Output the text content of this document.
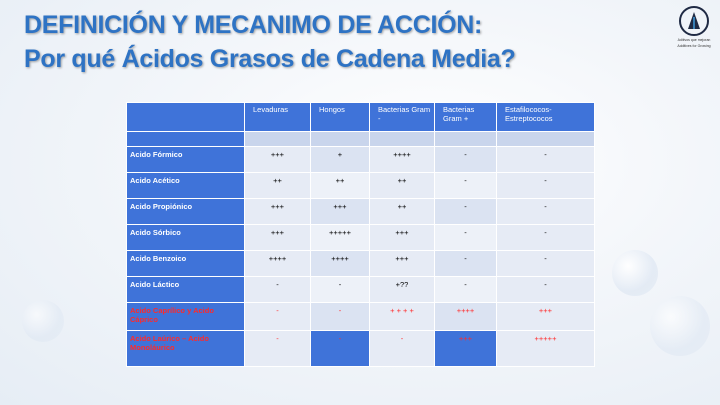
DEFINICIÓN Y MECANIMO DE ACCIÓN:
Por qué Ácidos Grasos de Cadena Media?
Aditivos que mejoran
Additives for Growing
	Levaduras	Hongos	Bacterias Gram -	Bacterias Gram +	Estafilococos-Estreptococos

Acido Fórmico	+++	+	++++	-	-
Acido Acético	++	++	++	-	-
Acido Propiónico	+++	+++	++	-	-
Acido Sórbico	+++	+++++	+++	-	-
Acido Benzoico	++++	++++	+++	-	-
Acido Láctico	-	-	+??	-	-
Acido Caprílico y Acido Cáprico	-	-	+ + + +	++++	+++
Acido Laúrico – Acido Monoláurico	-	-	-	+++	+++++
